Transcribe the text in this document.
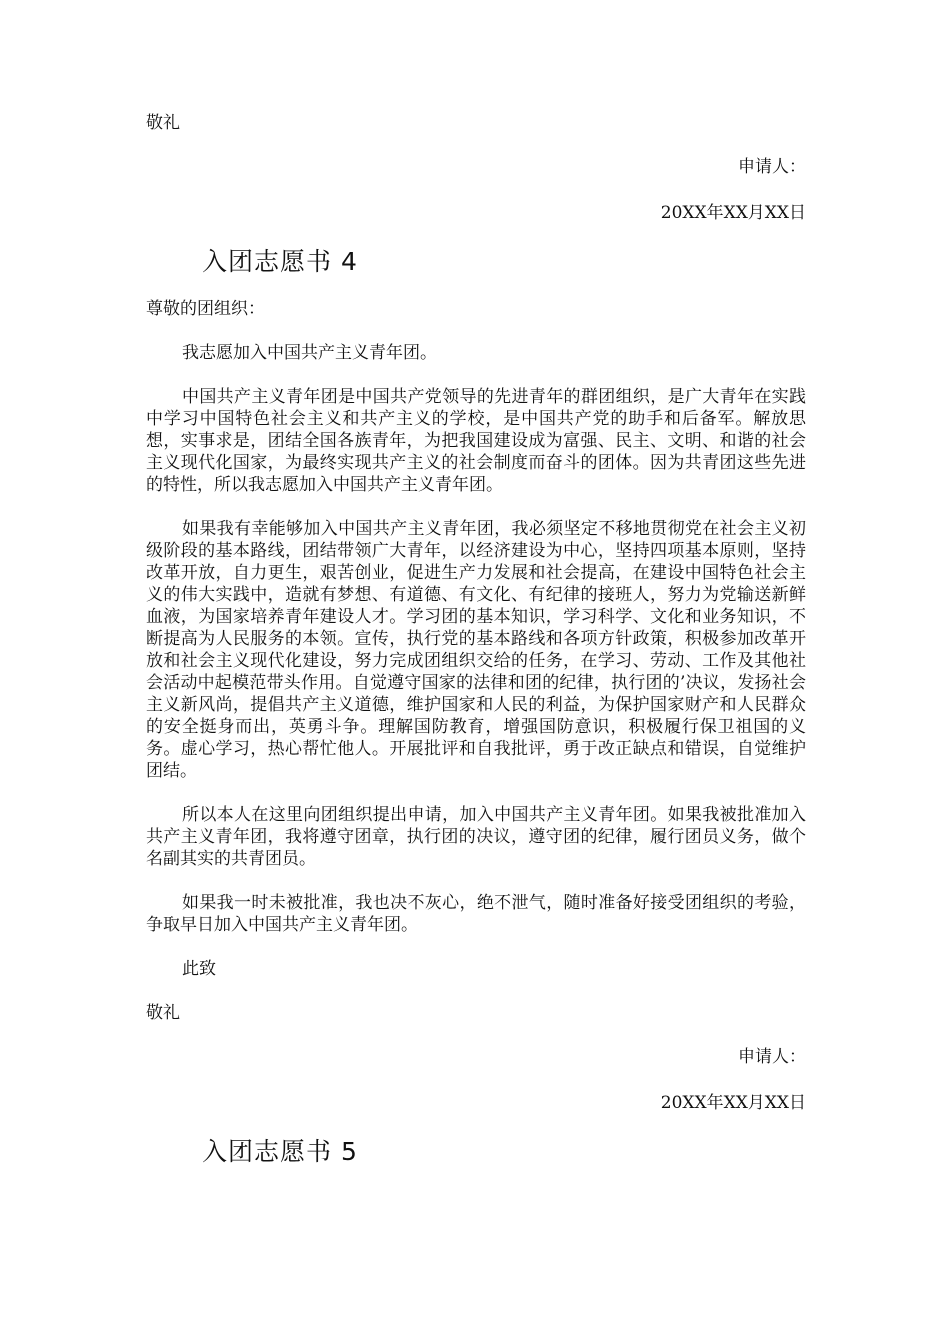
敬礼

申请人：

20XX年XX月XX日

入团志愿书 4

尊敬的团组织：

我志愿加入中国共产主义青年团。

中国共产主义青年团是中国共产党领导的先进青年的群团组织，是广大青年在实践中学习中国特色社会主义和共产主义的学校，是中国共产党的助手和后备军。解放思想，实事求是，团结全国各族青年，为把我国建设成为富强、民主、文明、和谐的社会主义现代化国家，为最终实现共产主义的社会制度而奋斗的团体。因为共青团这些先进的特性，所以我志愿加入中国共产主义青年团。

如果我有幸能够加入中国共产主义青年团，我必须坚定不移地贯彻党在社会主义初级阶段的基本路线，团结带领广大青年，以经济建设为中心，坚持四项基本原则，坚持改革开放，自力更生，艰苦创业，促进生产力发展和社会提高，在建设中国特色社会主义的伟大实践中，造就有梦想、有道德、有文化、有纪律的接班人，努力为党输送新鲜血液，为国家培养青年建设人才。学习团的基本知识，学习科学、文化和业务知识，不断提高为人民服务的本领。宣传，执行党的基本路线和各项方针政策，积极参加改革开放和社会主义现代化建设，努力完成团组织交给的任务，在学习、劳动、工作及其他社会活动中起模范带头作用。自觉遵守国家的法律和团的纪律，执行团的’决议，发扬社会主义新风尚，提倡共产主义道德，维护国家和人民的利益，为保护国家财产和人民群众的安全挺身而出，英勇斗争。理解国防教育，增强国防意识，积极履行保卫祖国的义务。虚心学习，热心帮忙他人。开展批评和自我批评，勇于改正缺点和错误，自觉维护团结。

所以本人在这里向团组织提出申请，加入中国共产主义青年团。如果我被批准加入共产主义青年团，我将遵守团章，执行团的决议，遵守团的纪律，履行团员义务，做个名副其实的共青团员。

如果我一时未被批准，我也决不灰心，绝不泄气，随时准备好接受团组织的考验，争取早日加入中国共产主义青年团。

此致

敬礼

申请人：

20XX年XX月XX日

入团志愿书 5
